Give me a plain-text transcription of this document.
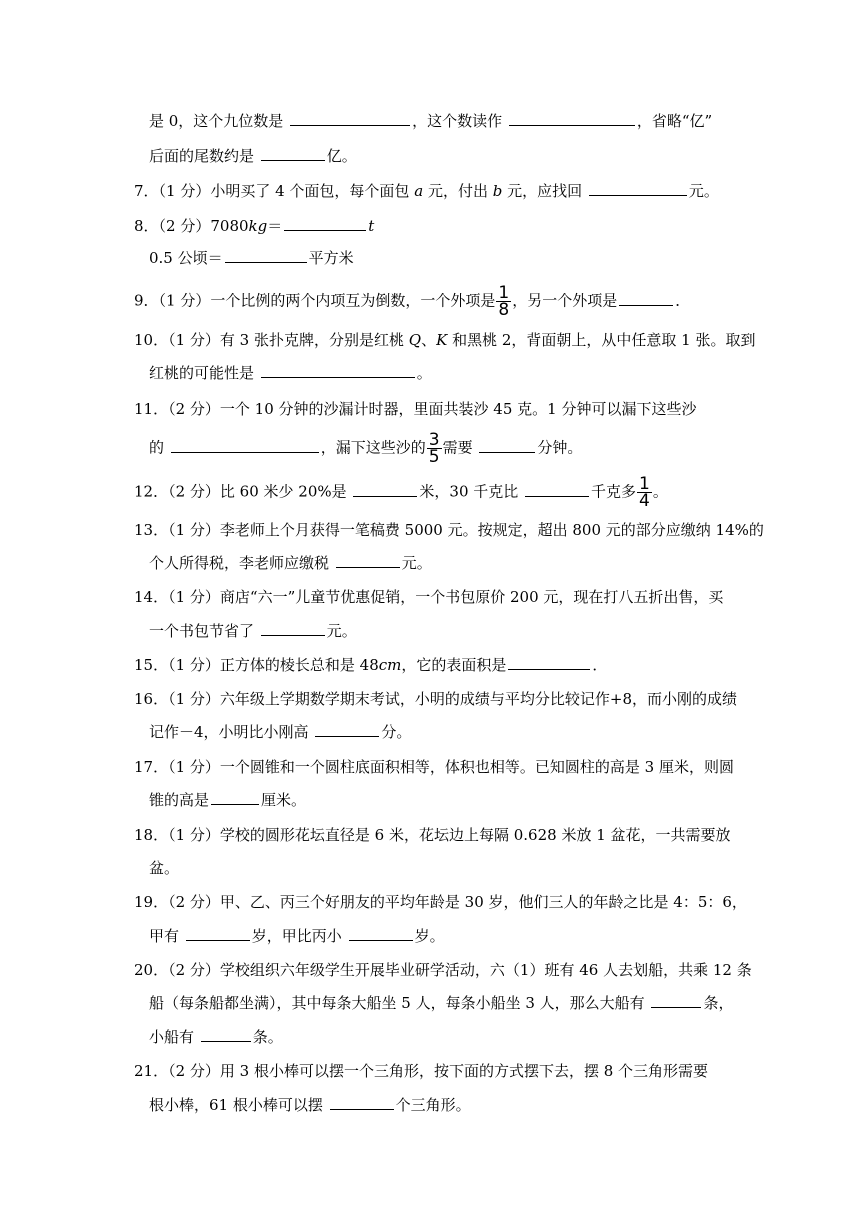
是 0，这个九位数是	，这个数读作	，省略“亿”
后面的尾数约是	亿。
7．（1 分）小明买了 4 个面包，每个面包 a 元，付出 b 元，应找回	元。
8．（2 分）7080kg＝	t
0.5 公顷＝	平方米
9．（1 分）一个比例的两个内项互为倒数，一个外项是 $\frac{1}{8}$ ，另一个外项是	．
10．（1 分）有 3 张扑克牌，分别是红桃 Q、K 和黑桃 2，背面朝上，从中任意取 1 张。取到
红桃的可能性是	。
11．（2 分）一个 10 分钟的沙漏计时器，里面共装沙 45 克。1 分钟可以漏下这些沙
的	，漏下这些沙的 $\frac{3}{5}$ 需要	分钟。
12．（2 分）比 60 米少 20%是	米，30 千克比	千克多 $\frac{1}{4}$ 。
13．（1 分）李老师上个月获得一笔稿费 5000 元。按规定，超出 800 元的部分应缴纳 14%的
个人所得税，李老师应缴税	元。
14．（1 分）商店“六一”儿童节优惠促销，一个书包原价 200 元，现在打八五折出售，买
一个书包节省了	元。
15．（1 分）正方体的棱长总和是 48cm，它的表面积是	．
16．（1 分）六年级上学期数学期末考试，小明的成绩与平均分比较记作+8，而小刚的成绩
记作－4，小明比小刚高	分。
17．（1 分）一个圆锥和一个圆柱底面积相等，体积也相等。已知圆柱的高是 3 厘米，则圆
锥的高是	厘米。
18．（1 分）学校的圆形花坛直径是 6 米，花坛边上每隔 0.628 米放 1 盆花，一共需要放
盆。
19．（2 分）甲、乙、丙三个好朋友的平均年龄是 30 岁，他们三人的年龄之比是 4：5：6，
甲有	岁，甲比丙小	岁。
20．（2 分）学校组织六年级学生开展毕业研学活动，六（1）班有 46 人去划船，共乘 12 条
船（每条船都坐满），其中每条大船坐 5 人，每条小船坐 3 人，那么大船有	条，
小船有	条。
21．（2 分）用 3 根小棒可以摆一个三角形，按下面的方式摆下去，摆 8 个三角形需要
根小棒，61 根小棒可以摆	个三角形。
